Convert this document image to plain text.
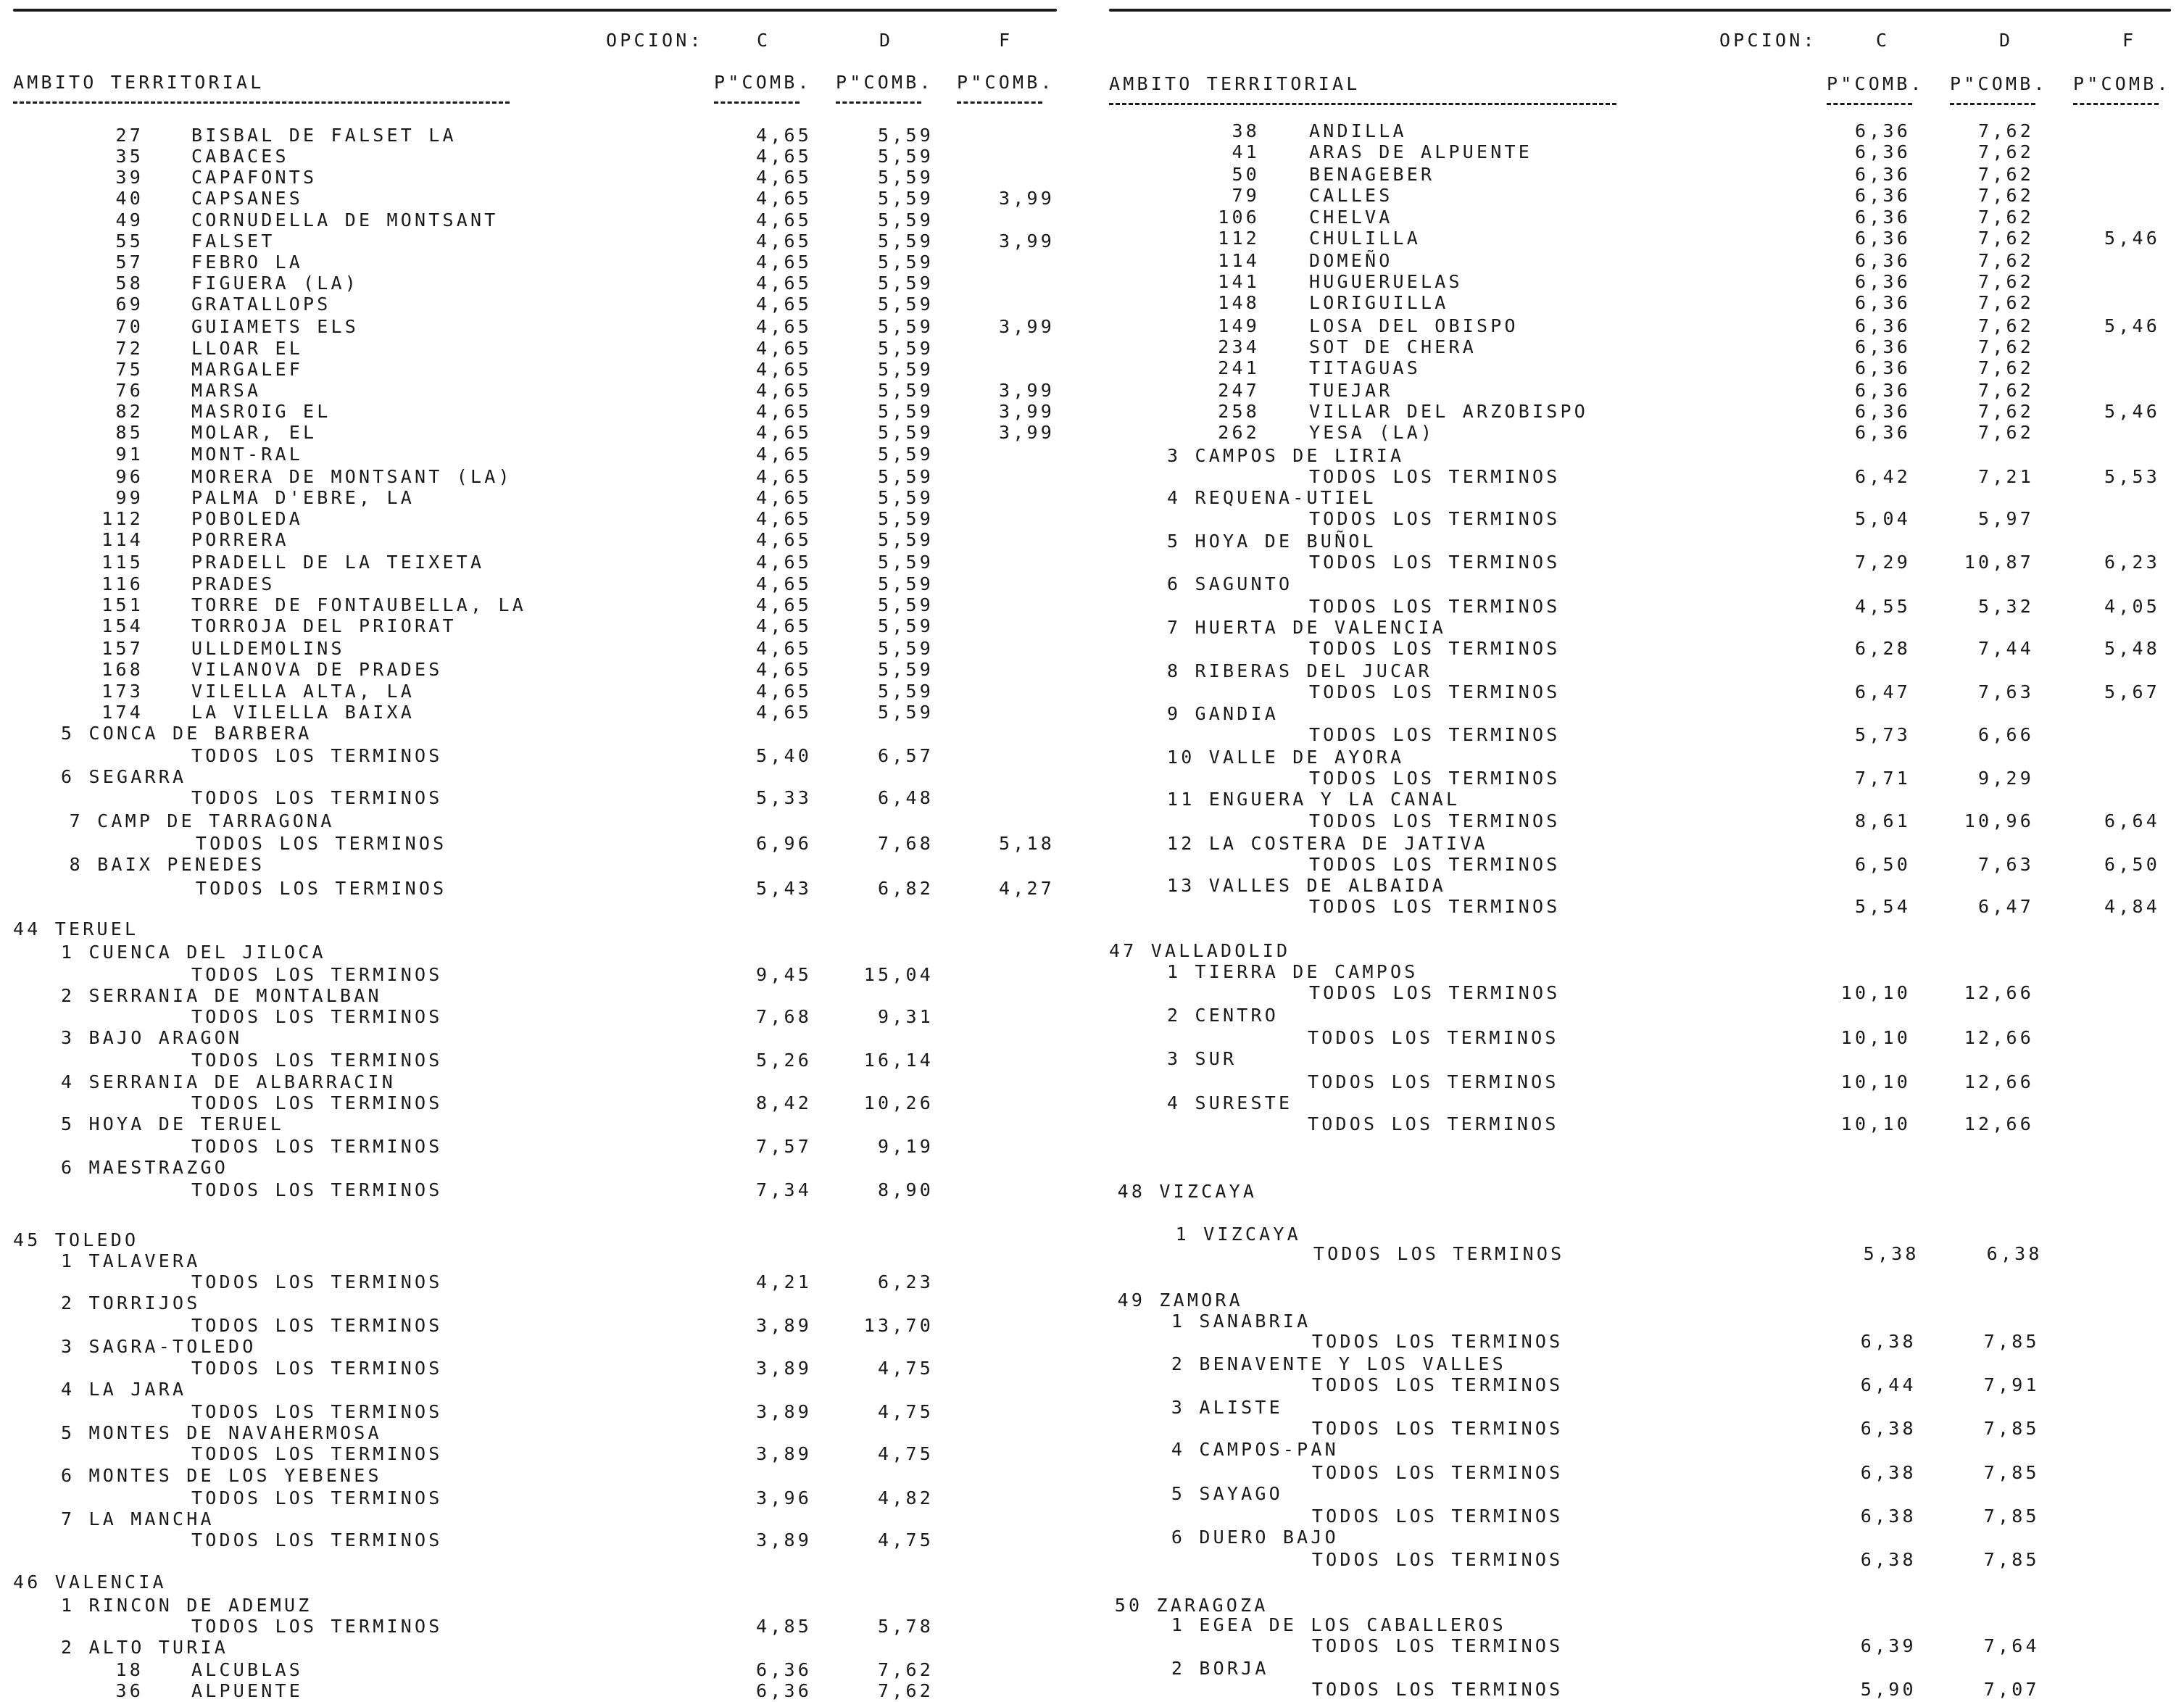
OPCION:	C	D	F
AMBITO TERRITORIAL	P"COMB. P"COMB. P"COMB.
27	BISBAL DE FALSET LA	4,65	5,59
35	CABACES	4,65	5,59
39	CAPAFONTS	4,65	5,59
40	CAPSANES	4,65	5,59	3,99
49	CORNUDELLA DE MONTSANT	4,65	5,59
55	FALSET	4,65	5,59	3,99
57	FEBRO LA	4,65	5,59
58	FIGUERA (LA)	4,65	5,59
69	GRATALLOPS	4,65	5,59
70	GUIAMETS ELS	4,65	5,59	3,99
72	LLOAR EL	4,65	5,59
75	MARGALEF	4,65	5,59
76	MARSA	4,65	5,59	3,99
82	MASROIG EL	4,65	5,59	3,99
85	MOLAR, EL	4,65	5,59	3,99
91	MONT-RAL	4,65	5,59
96	MORERA DE MONTSANT (LA)	4,65	5,59
99	PALMA D'EBRE, LA	4,65	5,59
112	POBOLEDA	4,65	5,59
114	PORRERA	4,65	5,59
115	PRADELL DE LA TEIXETA	4,65	5,59
116	PRADES	4,65	5,59
151	TORRE DE FONTAUBELLA, LA	4,65	5,59
154	TORROJA DEL PRIORAT	4,65	5,59
157	ULLDEMOLINS	4,65	5,59
168	VILANOVA DE PRADES	4,65	5,59
173	VILELLA ALTA, LA	4,65	5,59
174	LA VILELLA BAIXA	4,65	5,59
5 CONCA DE BARBERA
TODOS LOS TERMINOS	5,40	6,57
6 SEGARRA
TODOS LOS TERMINOS	5,33	6,48
7 CAMP DE TARRAGONA
TODOS LOS TERMINOS	6,96	7,68	5,18
8 BAIX PENEDES
TODOS LOS TERMINOS	5,43	6,82	4,27
44 TERUEL
1 CUENCA DEL JILOCA
TODOS LOS TERMINOS	9,45	15,04
2 SERRANIA DE MONTALBAN
TODOS LOS TERMINOS	7,68	9,31
3 BAJO ARAGON
TODOS LOS TERMINOS	5,26	16,14
4 SERRANIA DE ALBARRACIN
TODOS LOS TERMINOS	8,42	10,26
5 HOYA DE TERUEL
TODOS LOS TERMINOS	7,57	9,19
6 MAESTRAZGO
TODOS LOS TERMINOS	7,34	8,90
45 TOLEDO
1 TALAVERA
TODOS LOS TERMINOS	4,21	6,23
2 TORRIJOS
TODOS LOS TERMINOS	3,89	13,70
3 SAGRA-TOLEDO
TODOS LOS TERMINOS	3,89	4,75
4 LA JARA
TODOS LOS TERMINOS	3,89	4,75
5 MONTES DE NAVAHERMOSA
TODOS LOS TERMINOS	3,89	4,75
6 MONTES DE LOS YEBENES
TODOS LOS TERMINOS	3,96	4,82
7 LA MANCHA
TODOS LOS TERMINOS	3,89	4,75
46 VALENCIA
1 RINCON DE ADEMUZ
TODOS LOS TERMINOS	4,85	5,78
2 ALTO TURIA
18	ALCUBLAS	6,36	7,62
36	ALPUENTE	6,36	7,62
OPCION:	C	D	F
AMBITO TERRITORIAL	P"COMB. P"COMB. P"COMB.
38	ANDILLA	6,36	7,62
41	ARAS DE ALPUENTE	6,36	7,62
50	BENAGEBER	6,36	7,62
79	CALLES	6,36	7,62
106	CHELVA	6,36	7,62
112	CHULILLA	6,36	7,62	5,46
114	DOMEÑO	6,36	7,62
141	HUGUERUELAS	6,36	7,62
148	LORIGUILLA	6,36	7,62
149	LOSA DEL OBISPO	6,36	7,62	5,46
234	SOT DE CHERA	6,36	7,62
241	TITAGUAS	6,36	7,62
247	TUEJAR	6,36	7,62
258	VILLAR DEL ARZOBISPO	6,36	7,62	5,46
262	YESA (LA)	6,36	7,62
3 CAMPOS DE LIRIA
TODOS LOS TERMINOS	6,42	7,21	5,53
4 REQUENA-UTIEL
TODOS LOS TERMINOS	5,04	5,97
5 HOYA DE BUÑOL
TODOS LOS TERMINOS	7,29	10,87	6,23
6 SAGUNTO
TODOS LOS TERMINOS	4,55	5,32	4,05
7 HUERTA DE VALENCIA
TODOS LOS TERMINOS	6,28	7,44	5,48
8 RIBERAS DEL JUCAR
TODOS LOS TERMINOS	6,47	7,63	5,67
9 GANDIA
TODOS LOS TERMINOS	5,73	6,66
10 VALLE DE AYORA
TODOS LOS TERMINOS	7,71	9,29
11 ENGUERA Y LA CANAL
TODOS LOS TERMINOS	8,61	10,96	6,64
12 LA COSTERA DE JATIVA
TODOS LOS TERMINOS	6,50	7,63	6,50
13 VALLES DE ALBAIDA
TODOS LOS TERMINOS	5,54	6,47	4,84
47 VALLADOLID
1 TIERRA DE CAMPOS
TODOS LOS TERMINOS	10,10	12,66
2 CENTRO
TODOS LOS TERMINOS	10,10	12,66
3 SUR
TODOS LOS TERMINOS	10,10	12,66
4 SURESTE
TODOS LOS TERMINOS	10,10	12,66
48 VIZCAYA
1 VIZCAYA
TODOS LOS TERMINOS	5,38	6,38
49 ZAMORA
1 SANABRIA
TODOS LOS TERMINOS	6,38	7,85
2 BENAVENTE Y LOS VALLES
TODOS LOS TERMINOS	6,44	7,91
3 ALISTE
TODOS LOS TERMINOS	6,38	7,85
4 CAMPOS-PAN
TODOS LOS TERMINOS	6,38	7,85
5 SAYAGO
TODOS LOS TERMINOS	6,38	7,85
6 DUERO BAJO
TODOS LOS TERMINOS	6,38	7,85
50 ZARAGOZA
1 EGEA DE LOS CABALLEROS
TODOS LOS TERMINOS	6,39	7,64
2 BORJA
TODOS LOS TERMINOS	5,90	7,07
